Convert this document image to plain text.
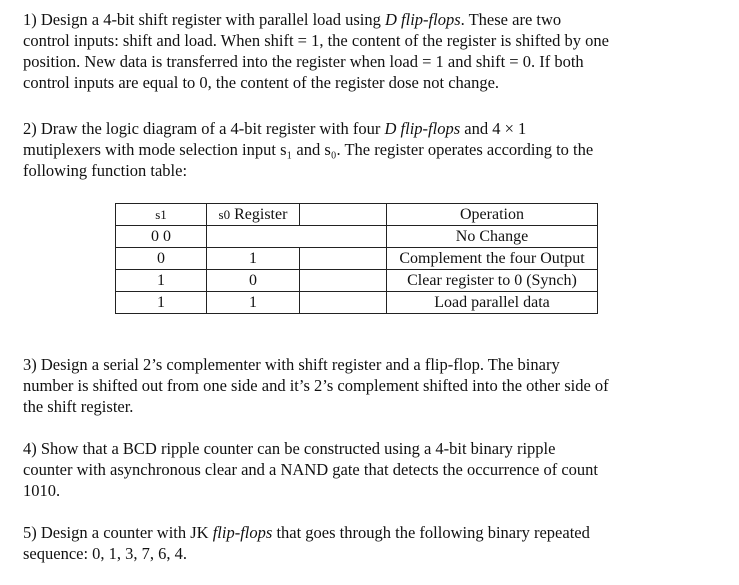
1) Design a 4-bit shift register with parallel load using D flip-flops. These are two
control inputs: shift and load. When shift = 1, the content of the register is shifted by one
position. New data is transferred into the register when load = 1 and shift = 0. If both
control inputs are equal to 0, the content of the register dose not change.
2) Draw the logic diagram of a 4-bit register with four D flip-flops and 4 × 1
mutiplexers with mode selection input s₁ and s₀. The register operates according to the
following function table:
s1	s0 Register		Operation
0 0			No Change
0	1		Complement the four Output
1	0		Clear register to 0 (Synch)
1	1		Load parallel data
3) Design a serial 2’s complementer with shift register and a flip-flop. The binary
number is shifted out from one side and it’s 2’s complement shifted into the other side of
the shift register.
4) Show that a BCD ripple counter can be constructed using a 4-bit binary ripple
counter with asynchronous clear and a NAND gate that detects the occurrence of count
1010.
5) Design a counter with JK flip-flops that goes through the following binary repeated
sequence: 0, 1, 3, 7, 6, 4.
